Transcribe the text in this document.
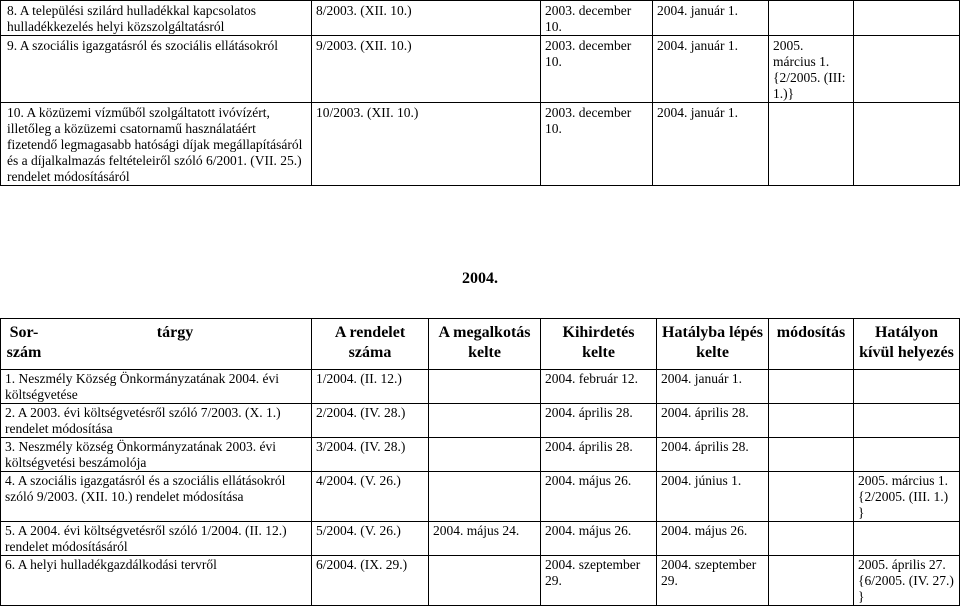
8. A települési szilárd hulladékkal kapcsolatos hulladékkezelés helyi közszolgáltatásról	8/2003. (XII. 10.)	2003. december 10.	2004. január 1.		
9. A szociális igazgatásról és szociális ellátásokról	9/2003. (XII. 10.)	2003. december 10.	2004. január 1.	2005. március 1. {2/2005. (III: 1.)}	
10. A közüzemi vízműből szolgáltatott ivóvízért, illetőleg a közüzemi csatornamű használatáért fizetendő legmagasabb hatósági díjak megállapításáról és a díjalkalmazás feltételeiről szóló 6/2001. (VII. 25.) rendelet módosításáról	10/2003. (XII. 10.)	2003. december 10.	2004. január 1.		
2004.
Sor-szám
tárgy	A rendelet száma	A megalkotás kelte	Kihirdetés kelte	Hatályba lépés kelte	módosítás	Hatályon kívül helyezés
1. Neszmély Község Önkormányzatának 2004. évi költségvetése	1/2004. (II. 12.)		2004. február 12.	2004. január 1.		
2. A 2003. évi költségvetésről szóló 7/2003. (X. 1.) rendelet módosítása	2/2004. (IV. 28.)		2004. április 28.	2004. április 28.		
3. Neszmély község Önkormányzatának 2003. évi költségvetési beszámolója	3/2004. (IV. 28.)		2004. április 28.	2004. április 28.		
4. A szociális igazgatásról és a szociális ellátásokról szóló 9/2003. (XII. 10.) rendelet módosítása	4/2004. (V. 26.)		2004. május 26.	2004. június 1.		2005. március 1. {2/2005. (III. 1.) }
5. A 2004. évi költségvetésről szóló 1/2004. (II. 12.) rendelet módosításáról	5/2004. (V. 26.)	2004. május 24.	2004. május 26.	2004. május 26.		
6. A helyi hulladékgazdálkodási tervről	6/2004. (IX. 29.)		2004. szeptember 29.	2004. szeptember 29.		2005. április 27. {6/2005. (IV. 27.) }
